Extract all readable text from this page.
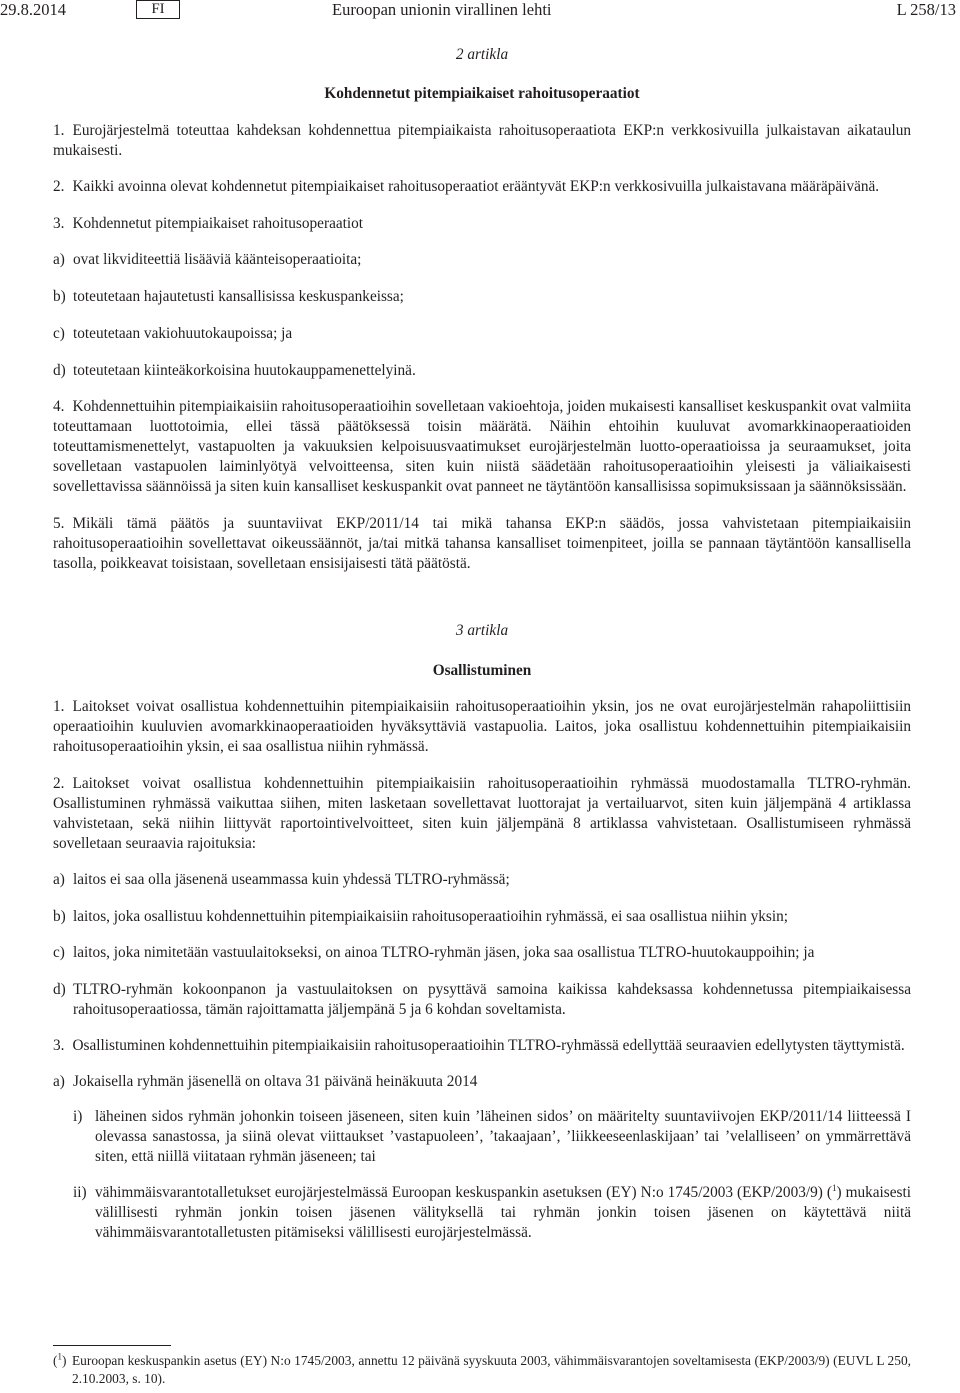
29.8.2014	FI	Euroopan unionin virallinen lehti	L 258/13

2 artikla

Kohdennetut pitempiaikaiset rahoitusoperaatiot

1. Eurojärjestelmä toteuttaa kahdeksan kohdennettua pitempiaikaista rahoitusoperaatiota EKP:n verkkosivuilla julkaistavan aikataulun mukaisesti.

2. Kaikki avoinna olevat kohdennetut pitempiaikaiset rahoitusoperaatiot erääntyvät EKP:n verkkosivuilla julkaistavana määräpäivänä.

3. Kohdennetut pitempiaikaiset rahoitusoperaatiot

a) ovat likviditeettiä lisääviä käänteisoperaatioita;
b) toteutetaan hajautetusti kansallisissa keskuspankeissa;
c) toteutetaan vakiohuutokaupoissa; ja
d) toteutetaan kiinteäkorkoisina huutokauppamenettelyinä.

4. Kohdennettuihin pitempiaikaisiin rahoitusoperaatioihin sovelletaan vakioehtoja, joiden mukaisesti kansalliset keskuspankit ovat valmiita toteuttamaan luottotoimia, ellei tässä päätöksessä toisin määrätä. Näihin ehtoihin kuuluvat avomarkkinaoperaatioiden toteuttamismenettelyt, vastapuolten ja vakuuksien kelpoisuusvaatimukset eurojärjestelmän luotto-operaatioissa ja seuraamukset, joita sovelletaan vastapuolen laiminlyötyä velvoitteensa, siten kuin niistä säädetään rahoitusoperaatioihin yleisesti ja väliaikaisesti sovellettavissa säännöissä ja siten kuin kansalliset keskuspankit ovat panneet ne täytäntöön kansallisissa sopimuksissaan ja säännöksissään.

5. Mikäli tämä päätös ja suuntaviivat EKP/2011/14 tai mikä tahansa EKP:n säädös, jossa vahvistetaan pitempiaikaisiin rahoitusoperaatioihin sovellettavat oikeussäännöt, ja/tai mitkä tahansa kansalliset toimenpiteet, joilla se pannaan täytäntöön kansallisella tasolla, poikkeavat toisistaan, sovelletaan ensisijaisesti tätä päätöstä.

3 artikla

Osallistuminen

1. Laitokset voivat osallistua kohdennettuihin pitempiaikaisiin rahoitusoperaatioihin yksin, jos ne ovat eurojärjestelmän rahapoliittisiin operaatioihin kuuluvien avomarkkinaoperaatioiden hyväksyttäviä vastapuolia. Laitos, joka osallistuu kohdennettuihin pitempiaikaisiin rahoitusoperaatioihin yksin, ei saa osallistua niihin ryhmässä.

2. Laitokset voivat osallistua kohdennettuihin pitempiaikaisiin rahoitusoperaatioihin ryhmässä muodostamalla TLTRO-ryhmän. Osallistuminen ryhmässä vaikuttaa siihen, miten lasketaan sovellettavat luottorajat ja vertailuarvot, siten kuin jäljempänä 4 artiklassa vahvistetaan, sekä niihin liittyvät raportointivelvoitteet, siten kuin jäljempänä 8 artiklassa vahvistetaan. Osallistumiseen ryhmässä sovelletaan seuraavia rajoituksia:

a) laitos ei saa olla jäsenenä useammassa kuin yhdessä TLTRO-ryhmässä;
b) laitos, joka osallistuu kohdennettuihin pitempiaikaisiin rahoitusoperaatioihin ryhmässä, ei saa osallistua niihin yksin;
c) laitos, joka nimitetään vastuulaitokseksi, on ainoa TLTRO-ryhmän jäsen, joka saa osallistua TLTRO-huutokauppoihin; ja
d) TLTRO-ryhmän kokoonpanon ja vastuulaitoksen on pysyttävä samoina kaikissa kahdeksassa kohdennetussa pitempiaikaisessa rahoitusoperaatiossa, tämän rajoittamatta jäljempänä 5 ja 6 kohdan soveltamista.

3. Osallistuminen kohdennettuihin pitempiaikaisiin rahoitusoperaatioihin TLTRO-ryhmässä edellyttää seuraavien edellytysten täyttymistä.

a) Jokaisella ryhmän jäsenellä on oltava 31 päivänä heinäkuuta 2014
i) läheinen sidos ryhmän johonkin toiseen jäseneen, siten kuin ’läheinen sidos’ on määritelty suuntaviivojen EKP/2011/14 liitteessä I olevassa sanastossa, ja siinä olevat viittaukset ’vastapuoleen’, ’takaajaan’, ’liikkeeseenlaskijaan’ tai ’velalliseen’ on ymmärrettävä siten, että niillä viitataan ryhmän jäseneen; tai
ii) vähimmäisvarantotalletukset eurojärjestelmässä Euroopan keskuspankin asetuksen (EY) N:o 1745/2003 (EKP/2003/9) ($^1$) mukaisesti välillisesti ryhmän jonkin toisen jäsenen välityksellä tai ryhmän jonkin toisen jäsenen on käytettävä niitä vähimmäisvarantotalletusten pitämiseksi välillisesti eurojärjestelmässä.
($^1$) Euroopan keskuspankin asetus (EY) N:o 1745/2003, annettu 12 päivänä syyskuuta 2003, vähimmäisvarantojen soveltamisesta (EKP/2003/9) (EUVL L 250, 2.10.2003, s. 10).
